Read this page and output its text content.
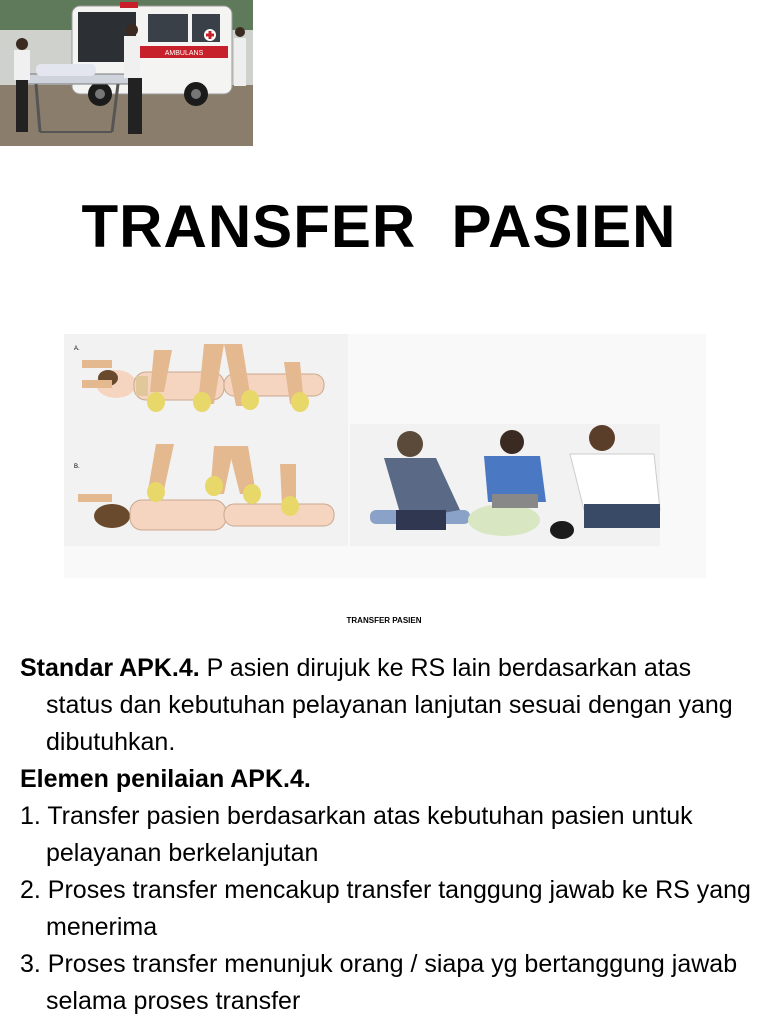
AMBULANS
TRANSFER  PASIEN
A.
B.
TRANSFER PASIEN

Standar APK.4. P asien dirujuk ke RS lain berdasarkan atas status dan kebutuhan pelayanan lanjutan sesuai dengan yang dibutuhkan.

Elemen penilaian APK.4.

1. Transfer pasien berdasarkan atas kebutuhan pasien untuk pelayanan berkelanjutan

2. Proses transfer mencakup transfer tanggung jawab ke RS yang menerima

3. Proses transfer menunjuk orang / siapa yg bertanggung jawab selama proses transfer
